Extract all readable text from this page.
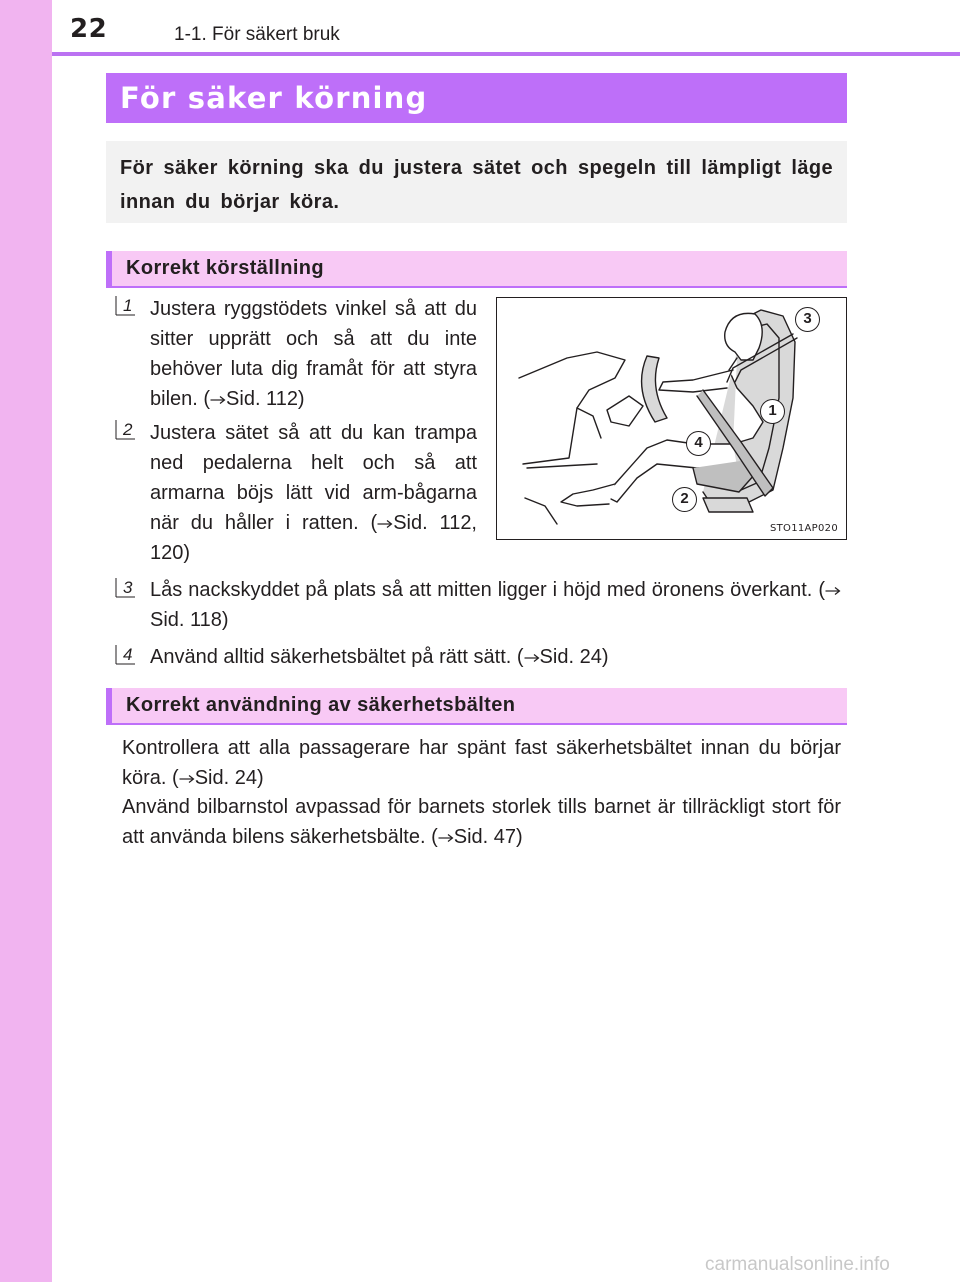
22	1-1. För säkert bruk
För säker körning

För säker körning ska du justera sätet och spegeln till lämpligt läge innan du börjar köra.

Korrekt körställning
1 Justera ryggstödets vinkel så att du sitter upprätt och så att du inte behöver luta dig framåt för att styra bilen. ( Sid. 112)

2 Justera sätet så att du kan trampa ned pedalerna helt och så att armarna böjs lätt vid arm-bågarna när du håller i ratten. ( Sid. 112, 120)

3
1
4
2
STO11AP020
3 Lås nackskyddet på plats så att mitten ligger i höjd med öronens överkant. (Sid. 118)

4 Använd alltid säkerhetsbältet på rätt sätt. ( Sid. 24)

Korrekt användning av säkerhetsbälten

Kontrollera att alla passagerare har spänt fast säkerhetsbältet innan du börjar köra. ( Sid. 24)

Använd bilbarnstol avpassad för barnets storlek tills barnet är tillräckligt stort för att använda bilens säkerhetsbälte. ( Sid. 47)

carmanualsonline.info
